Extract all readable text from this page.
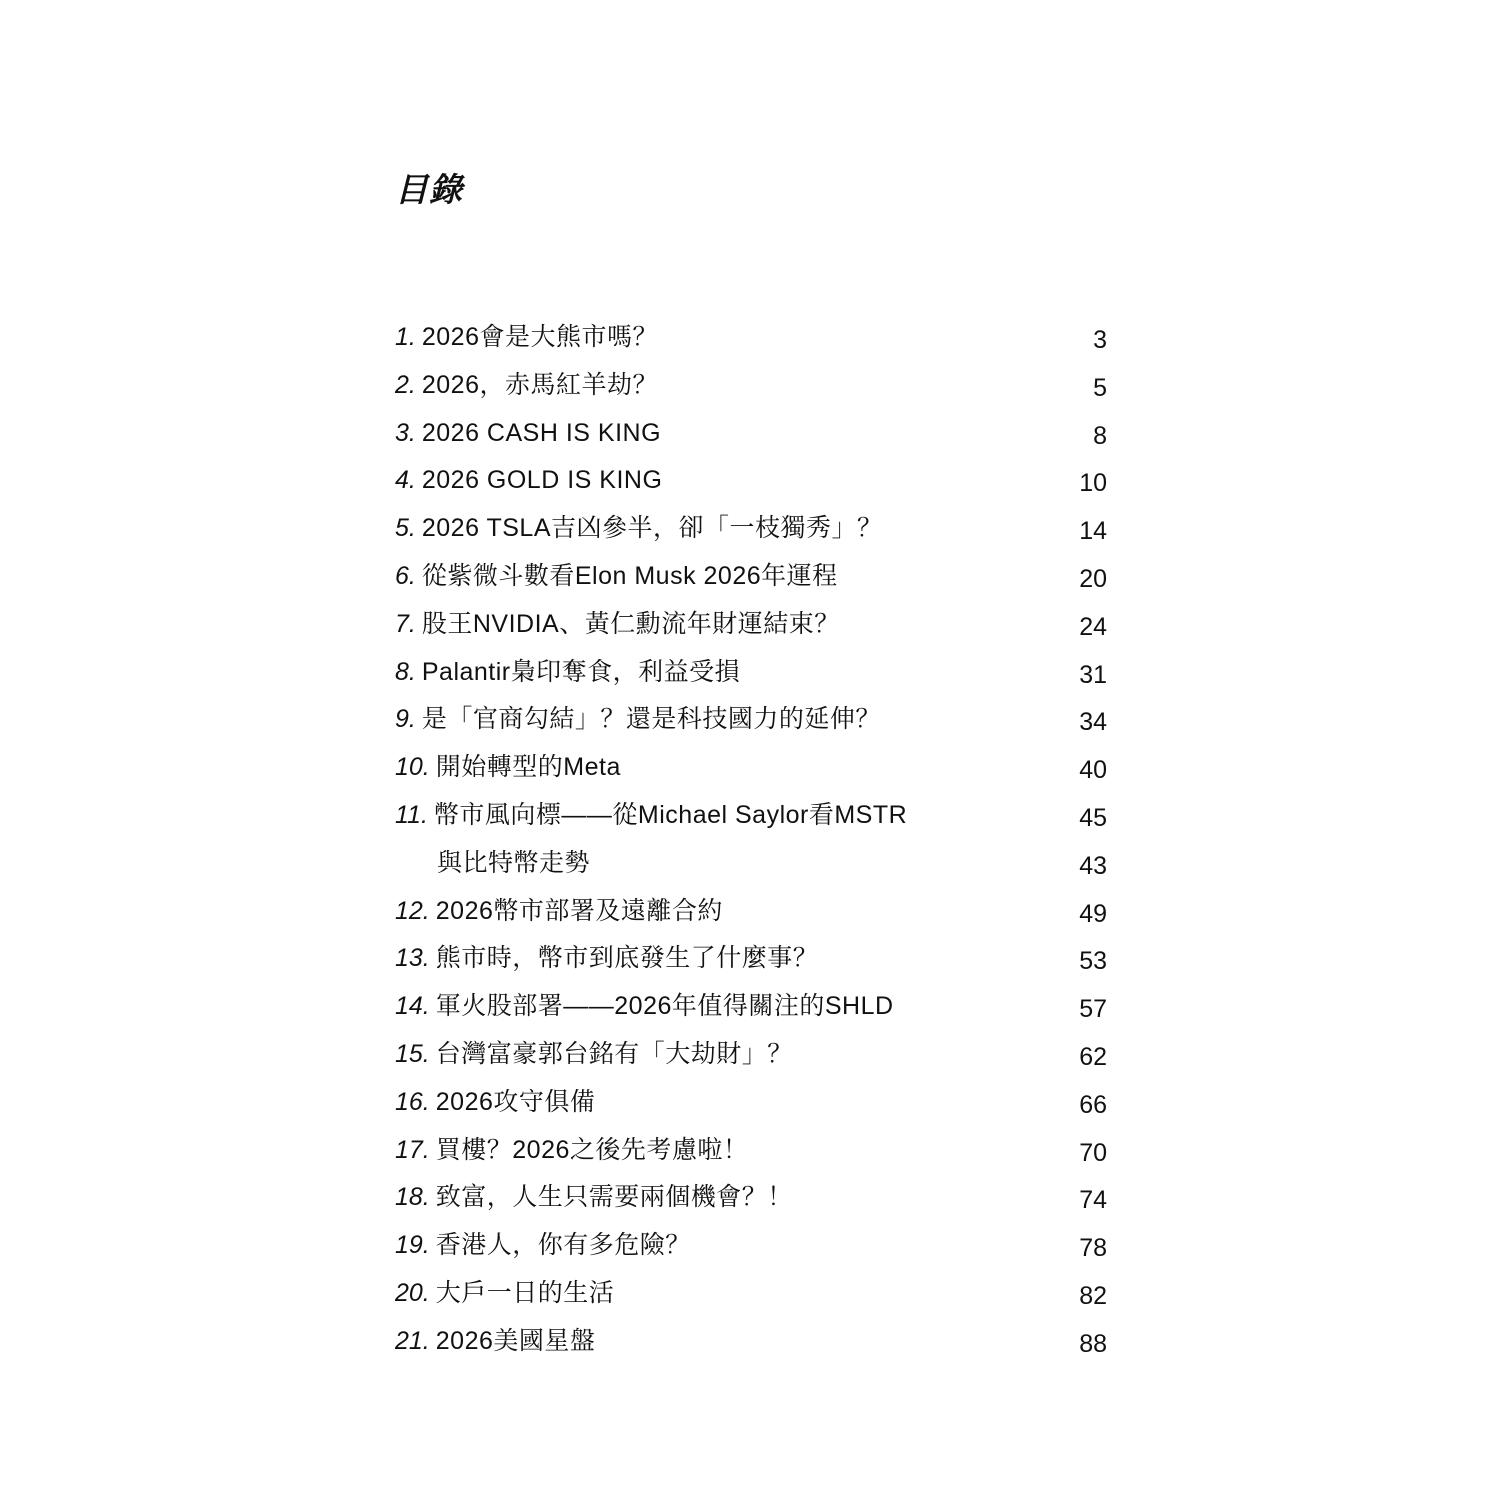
目錄
1. 2026會是大熊市嗎？	3
2. 2026，赤馬紅羊劫？	5
3. 2026 CASH IS KING	8
4. 2026 GOLD IS KING	10
5. 2026 TSLA吉凶參半，卻「一枝獨秀」？	14
6. 從紫微斗數看Elon Musk 2026年運程	20
7. 股王NVIDIA、黃仁勳流年財運結束？	24
8. Palantir梟印奪食，利益受損	31
9. 是「官商勾結」？還是科技國力的延伸？	34
10. 開始轉型的Meta	40
11. 幣市風向標——從Michael Saylor看MSTR	45
與比特幣走勢	43
12. 2026幣市部署及遠離合約	49
13. 熊市時，幣市到底發生了什麼事？	53
14. 軍火股部署——2026年值得關注的SHLD	57
15. 台灣富豪郭台銘有「大劫財」？	62
16. 2026攻守俱備	66
17. 買樓？2026之後先考慮啦！	70
18. 致富，人生只需要兩個機會？！	74
19. 香港人，你有多危險？	78
20. 大戶一日的生活	82
21. 2026美國星盤	88
